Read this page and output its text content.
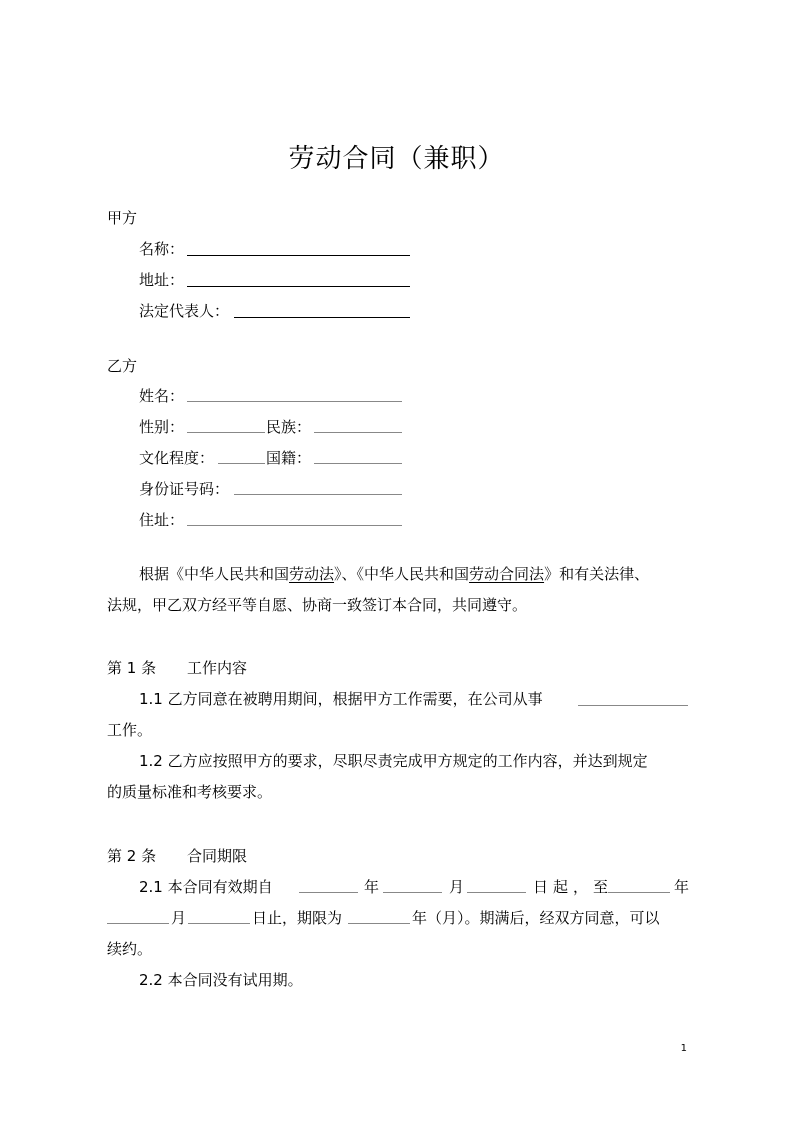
劳动合同（兼职）
甲方
名称：
地址：
法定代表人：
乙方
姓名：
性别：	民族：
文化程度：	国籍：
身份证号码：
住址：
根据《中华人民共和国劳动法》、《中华人民共和国劳动合同法》和有关法律、
法规，甲乙双方经平等自愿、协商一致签订本合同，共同遵守。
第 1 条 工作内容
1.1 乙方同意在被聘用期间，根据甲方工作需要，在公司从事
工作。
1.2 乙方应按照甲方的要求，尽职尽责完成甲方规定的工作内容，并达到规定
的质量标准和考核要求。
第 2 条 合同期限
2.1 本合同有效期自	年	月	日起，至	年
月	日止，期限为	年（月）。期满后，经双方同意，可以
续约。
2.2 本合同没有试用期。
1
